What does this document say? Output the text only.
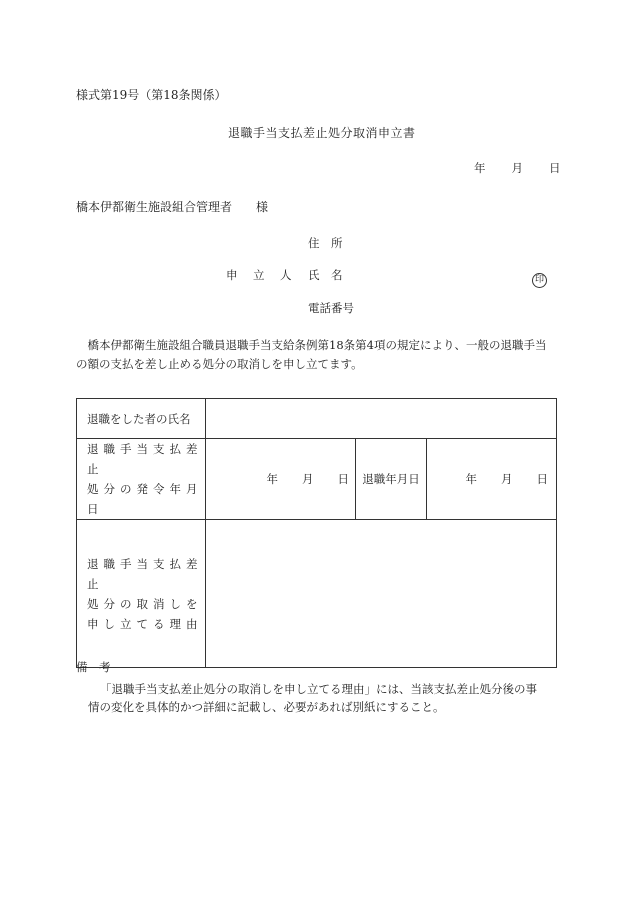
様式第19号（第18条関係）
退職手当支払差止処分取消申立書
年 月 日
橋本伊都衛生施設組合管理者 様
住　所
申　立　人 氏　名	印
電話番号
　橋本伊都衛生施設組合職員退職手当支給条例第18条第4項の規定により、一般の退職手当
の額の支払を差し止める処分の取消しを申し立てます。
退職をした者の氏名			

退職手当支払差止
処分の発令年月日	年 月 日	退職年月日	年 月 日

退職手当支払差止
処分の取消しを
申し立てる理由			

備　考
「退職手当支払差止処分の取消しを申し立てる理由」には、当該支払差止処分後の事
情の変化を具体的かつ詳細に記載し、必要があれば別紙にすること。
